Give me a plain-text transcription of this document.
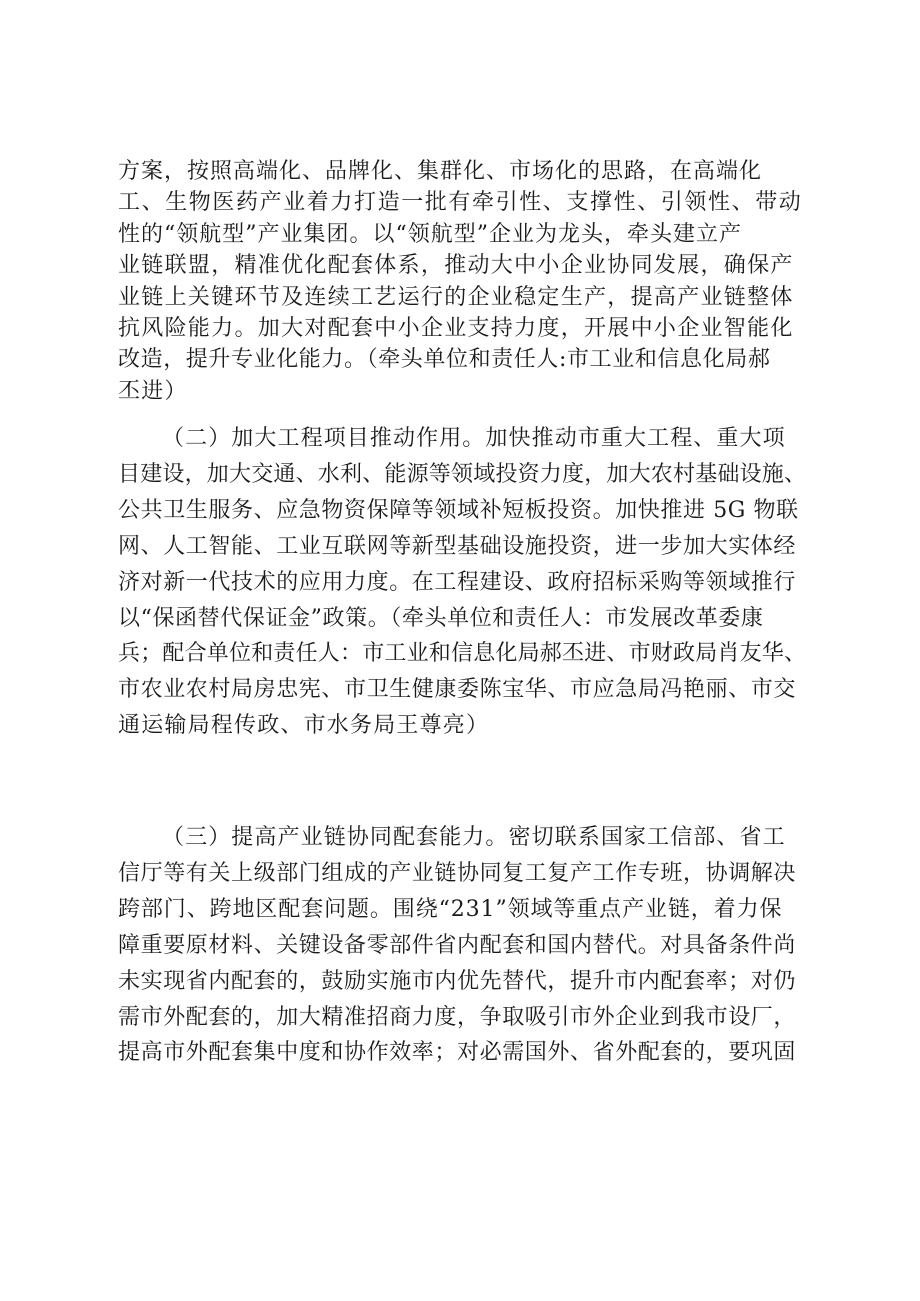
方案，按照高端化、品牌化、集群化、市场化的思路，在高端化
工、生物医药产业着力打造一批有牵引性、支撑性、引领性、带动
性的“领航型”产业集团。以“领航型”企业为龙头，牵头建立产
业链联盟，精准优化配套体系，推动大中小企业协同发展，确保产
业链上关键环节及连续工艺运行的企业稳定生产，提高产业链整体
抗风险能力。加大对配套中小企业支持力度，开展中小企业智能化
改造，提升专业化能力。（牵头单位和责任人:市工业和信息化局郝
丕进）
（二）加大工程项目推动作用。加快推动市重大工程、重大项
目建设，加大交通、水利、能源等领域投资力度，加大农村基础设施、
公共卫生服务、应急物资保障等领域补短板投资。加快推进 5G 物联
网、人工智能、工业互联网等新型基础设施投资，进一步加大实体经
济对新一代技术的应用力度。在工程建设、政府招标采购等领域推行
以“保函替代保证金”政策。（牵头单位和责任人：市发展改革委康
兵；配合单位和责任人：市工业和信息化局郝丕进、市财政局肖友华、
市农业农村局房忠宪、市卫生健康委陈宝华、市应急局冯艳丽、市交
通运输局程传政、市水务局王尊亮）
（三）提高产业链协同配套能力。密切联系国家工信部、省工
信厅等有关上级部门组成的产业链协同复工复产工作专班，协调解决
跨部门、跨地区配套问题。围绕“231”领域等重点产业链，着力保
障重要原材料、关键设备零部件省内配套和国内替代。对具备条件尚
未实现省内配套的，鼓励实施市内优先替代，提升市内配套率；对仍
需市外配套的，加大精准招商力度，争取吸引市外企业到我市设厂，
提高市外配套集中度和协作效率；对必需国外、省外配套的，要巩固
